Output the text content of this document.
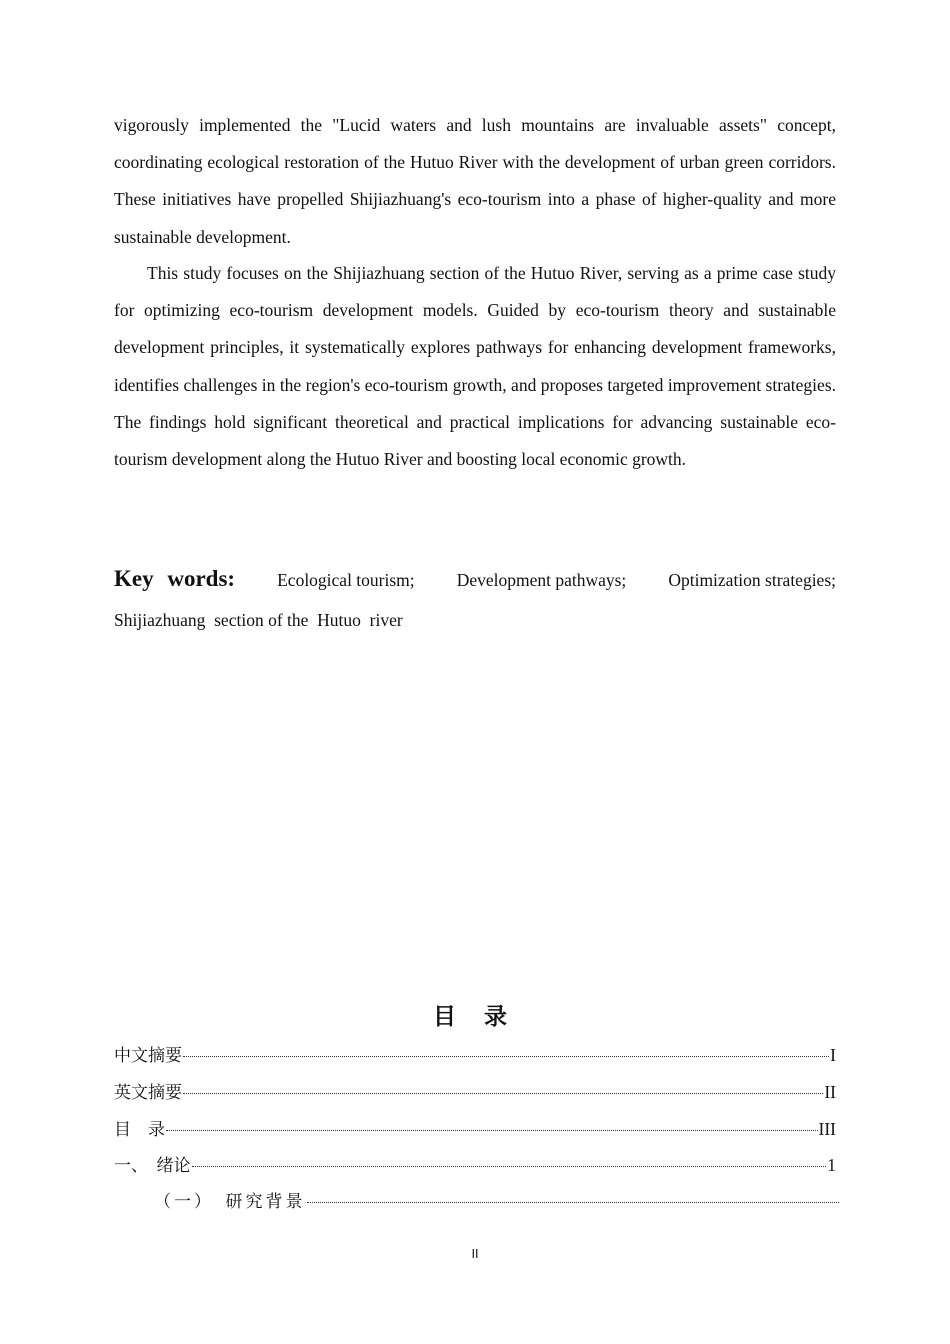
vigorously implemented the "Lucid waters and lush mountains are invaluable assets" concept, coordinating ecological restoration of the Hutuo River with the development of urban green corridors. These initiatives have propelled Shijiazhuang's eco-tourism into a phase of higher-quality and more sustainable development.

This study focuses on the Shijiazhuang section of the Hutuo River, serving as a prime case study for optimizing eco-tourism development models. Guided by eco-tourism theory and sustainable development principles, it systematically explores pathways for enhancing development frameworks, identifies challenges in the region's eco-tourism growth, and proposes targeted improvement strategies. The findings hold significant theoretical and practical implications for advancing sustainable eco-tourism development along the Hutuo River and boosting local economic growth.

Key words: Ecological tourism; Development pathways; Optimization strategies;
Shijiazhuang  section of the  Hutuo  river
目 录
中文摘要	I
英文摘要	II
目　录	III
一、　绪论	1
（一）　研究背景

II
